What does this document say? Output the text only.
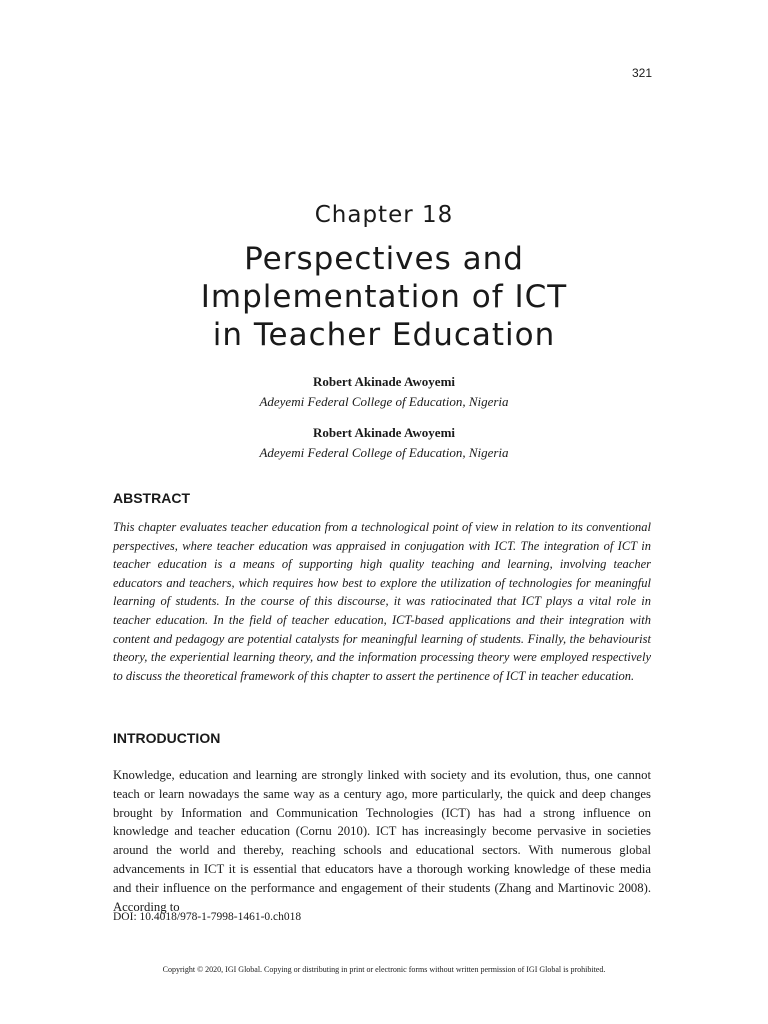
321
Chapter 18
Perspectives and
Implementation of ICT
in Teacher Education
Robert Akinade Awoyemi
Adeyemi Federal College of Education, Nigeria
Robert Akinade Awoyemi
Adeyemi Federal College of Education, Nigeria
ABSTRACT

This chapter evaluates teacher education from a technological point of view in relation to its conventional perspectives, where teacher education was appraised in conjugation with ICT. The integration of ICT in teacher education is a means of supporting high quality teaching and learning, involving teacher educators and teachers, which requires how best to explore the utilization of technologies for meaningful learning of students. In the course of this discourse, it was ratiocinated that ICT plays a vital role in teacher education. In the field of teacher education, ICT-based applications and their integration with content and pedagogy are potential catalysts for meaningful learning of students. Finally, the behaviourist theory, the experiential learning theory, and the information processing theory were employed respectively to discuss the theoretical framework of this chapter to assert the pertinence of ICT in teacher education.

INTRODUCTION

Knowledge, education and learning are strongly linked with society and its evolution, thus, one cannot teach or learn nowadays the same way as a century ago, more particularly, the quick and deep changes brought by Information and Communication Technologies (ICT) has had a strong influence on knowledge and teacher education (Cornu 2010). ICT has increasingly become pervasive in societies around the world and thereby, reaching schools and educational sectors. With numerous global advancements in ICT it is essential that educators have a thorough working knowledge of these media and their influence on the performance and engagement of their students (Zhang and Martinovic 2008). According to

DOI: 10.4018/978-1-7998-1461-0.ch018
Copyright © 2020, IGI Global. Copying or distributing in print or electronic forms without written permission of IGI Global is prohibited.
